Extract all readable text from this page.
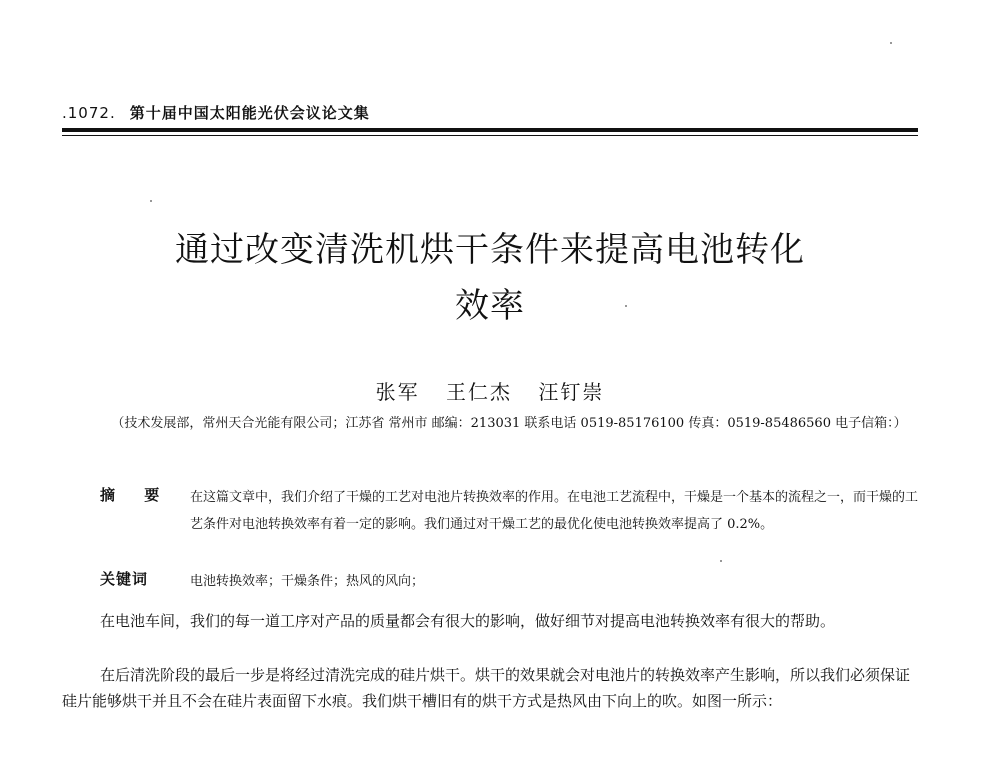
.1072. 第十届中国太阳能光伏会议论文集
通过改变清洗机烘干条件来提高电池转化
效率
张军 王仁杰 汪钉崇
（技术发展部，常州天合光能有限公司；江苏省 常州市 邮编：213031 联系电话 0519-85176100 传真：0519-85486560 电子信箱：）
摘 要 在这篇文章中，我们介绍了干燥的工艺对电池片转换效率的作用。在电池工艺流程中，干燥是一个基本的流程之一，而干燥的工艺条件对电池转换效率有着一定的影响。我们通过对干燥工艺的最优化使电池转换效率提高了 0.2%。
关键词	电池转换效率；干燥条件；热风的风向；

在电池车间，我们的每一道工序对产品的质量都会有很大的影响，做好细节对提高电池转换效率有很大的帮助。

在后清洗阶段的最后一步是将经过清洗完成的硅片烘干。烘干的效果就会对电池片的转换效率产生影响，所以我们必须保证硅片能够烘干并且不会在硅片表面留下水痕。我们烘干槽旧有的烘干方式是热风由下向上的吹。如图一所示：
